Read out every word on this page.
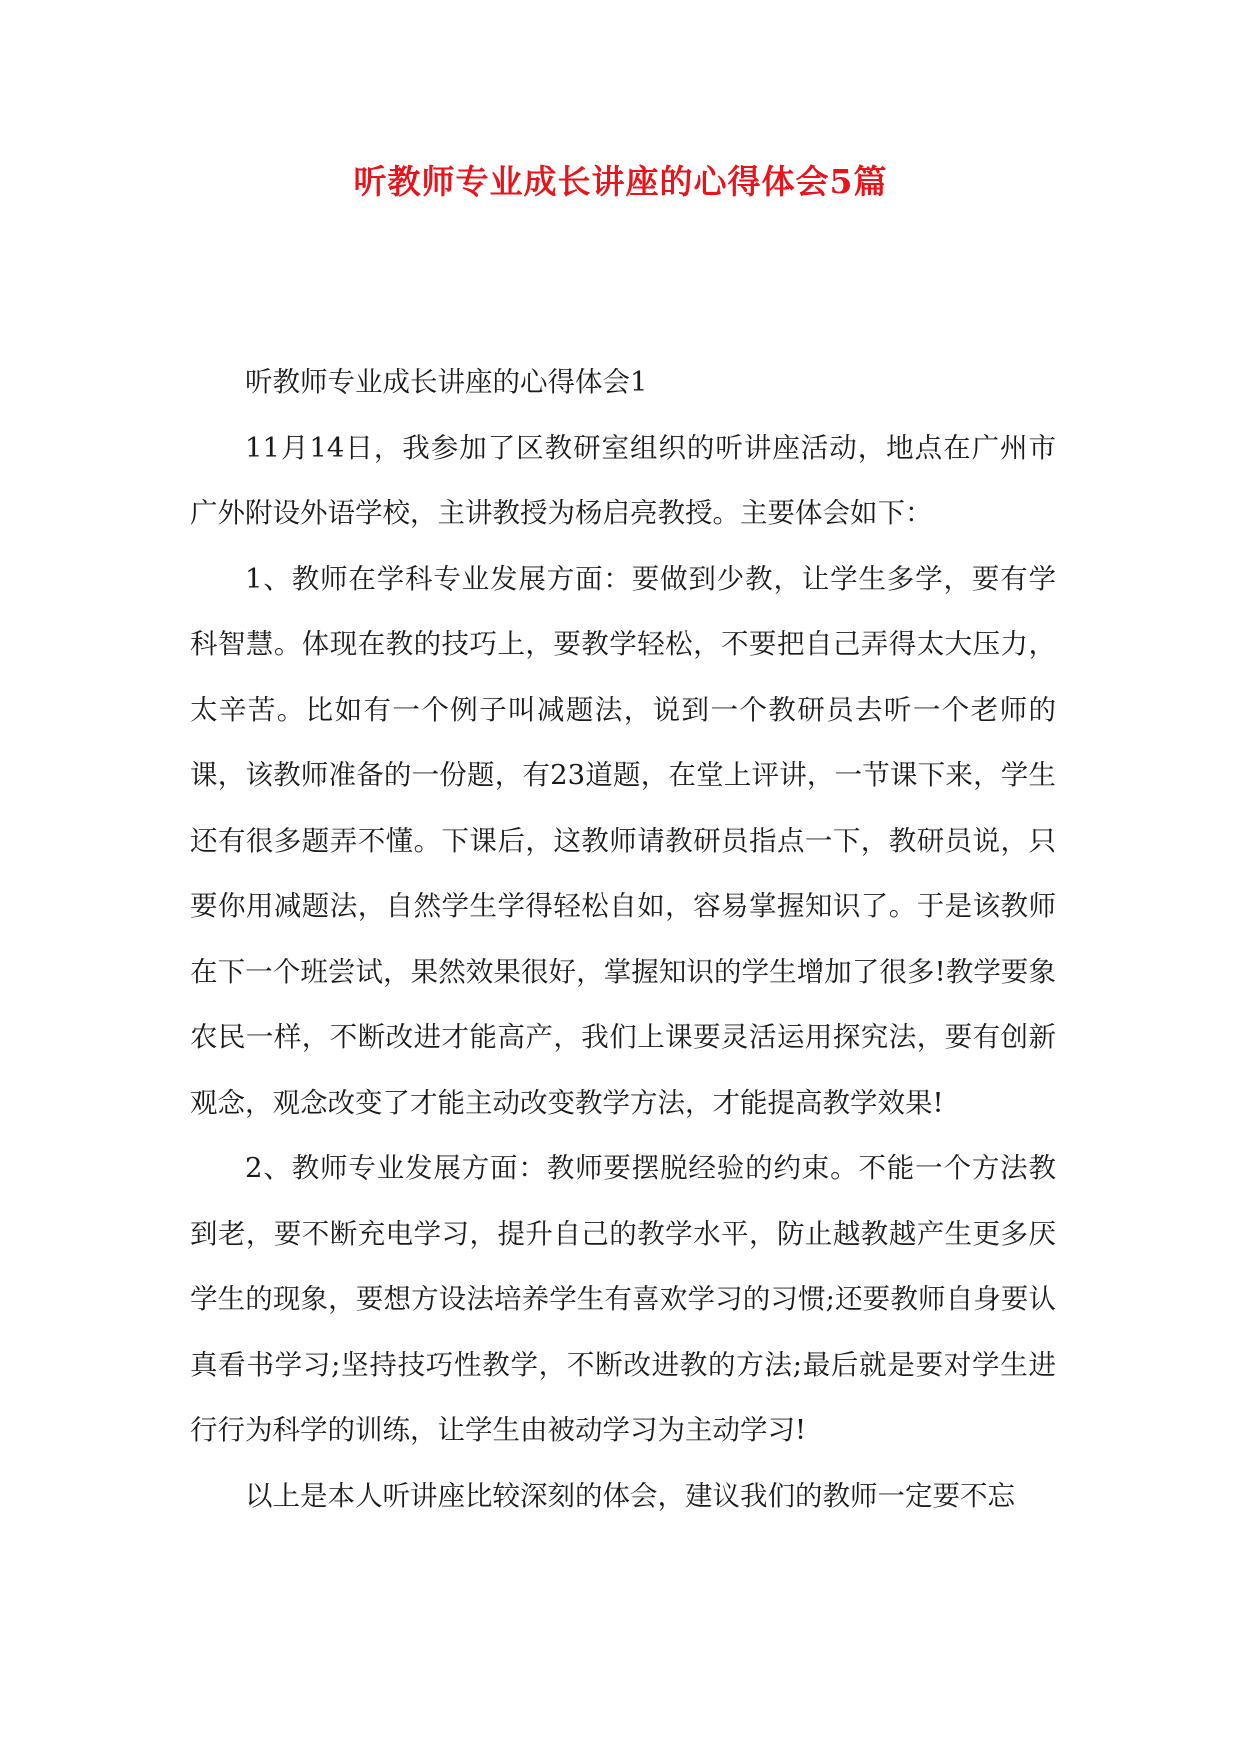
听教师专业成长讲座的心得体会5篇

听教师专业成长讲座的心得体会1

11月14日，我参加了区教研室组织的听讲座活动，地点在广州市广外附设外语学校，主讲教授为杨启亮教授。主要体会如下：

1、教师在学科专业发展方面：要做到少教，让学生多学，要有学科智慧。体现在教的技巧上，要教学轻松，不要把自己弄得太大压力，太辛苦。比如有一个例子叫减题法，说到一个教研员去听一个老师的课，该教师准备的一份题，有23道题，在堂上评讲，一节课下来，学生还有很多题弄不懂。下课后，这教师请教研员指点一下，教研员说，只要你用减题法，自然学生学得轻松自如，容易掌握知识了。于是该教师在下一个班尝试，果然效果很好，掌握知识的学生增加了很多!教学要象农民一样，不断改进才能高产，我们上课要灵活运用探究法，要有创新观念，观念改变了才能主动改变教学方法，才能提高教学效果!

2、教师专业发展方面：教师要摆脱经验的约束。不能一个方法教到老，要不断充电学习，提升自己的教学水平，防止越教越产生更多厌学生的现象，要想方设法培养学生有喜欢学习的习惯;还要教师自身要认真看书学习;坚持技巧性教学，不断改进教的方法;最后就是要对学生进行行为科学的训练，让学生由被动学习为主动学习!

以上是本人听讲座比较深刻的体会，建议我们的教师一定要不忘
